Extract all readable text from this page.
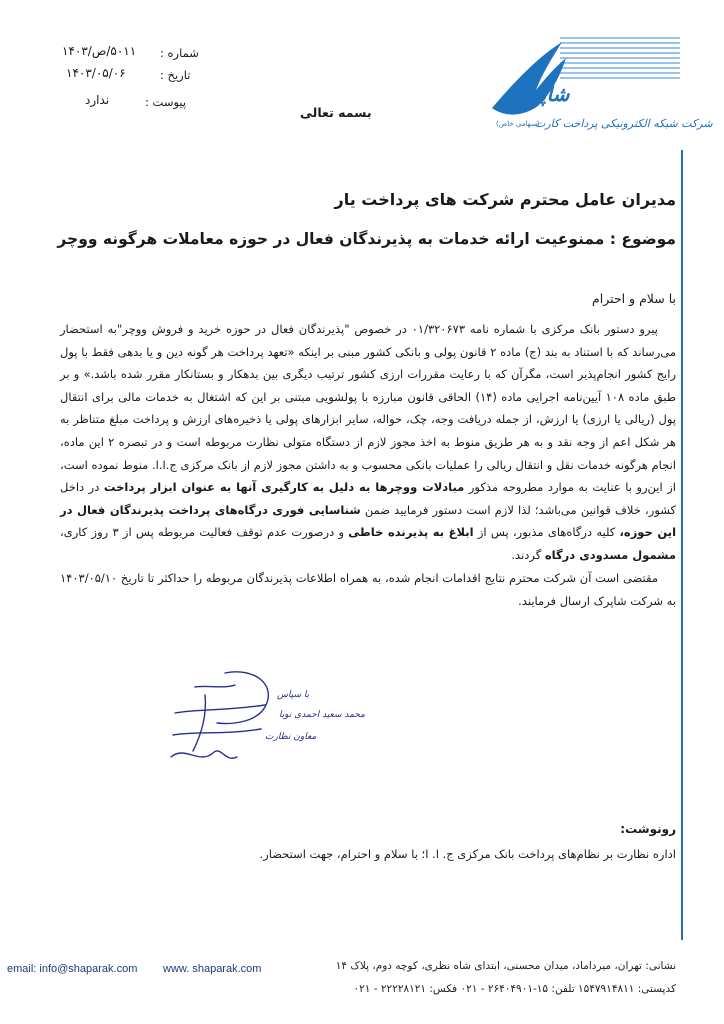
شماره :
۵۰۱۱/ص/۱۴۰۳
تاریخ :
۱۴۰۳/۰۵/۰۶
پیوست :
ندارد	شاپرک
شرکت شبکه الکترونیکی پرداخت کارت
(سهامی خاص)
بسمه تعالی
مدیران عامل محترم شرکت های پرداخت یار
موضوع : ممنوعیت ارائه خدمات به پذیرندگان فعال در حوزه معاملات هرگونه ووچر
با سلام و احترام
پیرو دستور بانک مرکزی با شماره نامه ۰۱/۳۲۰۶۷۳ در خصوص "پذیرندگان فعال در حوزه خرید و فروش ووچر"به استحضار می‌رساند که با استناد به بند (ج) ماده ۲ قانون پولی و بانکی کشور مبنی بر اینکه «تعهد پرداخت هر گونه دین و یا بدهی فقط با پول رایج کشور انجام‌پذیر است، مگرآن که با رعایت مقررات ارزی کشور ترتیب دیگری بین بدهکار و بستانکار مقرر شده باشد.» و بر طبق ماده ۱۰۸ آیین‌نامه اجرایی ماده (۱۴) الحاقی قانون مبارزه با پولشویی مبتنی بر این که اشتغال به خدمات مالی برای انتقال پول (ریالی یا ارزی) یا ارزش، از جمله دریافت وجه، چک، حواله، سایر ابزارهای پولی یا ذخیره‌های ارزش و پرداخت مبلغ متناظر به هر شکل اعم از وجه نقد و به هر طریق منوط به اخذ مجوز لازم از دستگاه متولی نظارت مربوطه است و در تبصره ۲ این ماده، انجام هرگونه خدمات نقل و انتقال ریالی را عملیات بانکی محسوب و به داشتن مجوز لازم از بانک مرکزی ج.ا.ا. منوط نموده است، از این‌رو با عنایت به موارد مطروحه مذکور مبادلات ووچرها به دلیل به کارگیری آنها به عنوان ابزار پرداخت در داخل کشور، خلاف قوانین می‌باشد؛ لذا لازم است دستور فرمایید ضمن شناسایی فوری درگاه‌های پرداخت پذیرندگان فعال در این حوزه، کلیه درگاه‌های مذبور، پس از ابلاغ به پذیرنده خاطی و درصورت عدم توقف فعالیت مربوطه پس از ۳ روز کاری، مشمول مسدودی درگاه گردند.
مقتضی است آن شرکت محترم نتایج اقدامات انجام شده، به همراه اطلاعات پذیرندگان مربوطه را حداکثر تا تاریخ ۱۴۰۳/۰۵/۱۰ به شرکت شاپرک ارسال فرمایند.
با سپاس
محمد سعید احمدی نوبا
معاون نظارت
رونوشت:
اداره نظارت بر نظام‌های پرداخت بانک مرکزی ج. ا. ا؛ با سلام و احترام، جهت استحضار.
email: info@shaparak.com www. shaparak.com	نشانی: تهران، میرداماد، میدان محسنی، ابتدای شاه نظری، کوچه دوم، پلاک ۱۴
کدپستی: ۱۵۴۷۹۱۴۸۱۱ تلفن: ۱۵-۲۶۴۰۴۹۰۱ - ۰۲۱ فکس: ۲۲۲۲۸۱۲۱ - ۰۲۱
